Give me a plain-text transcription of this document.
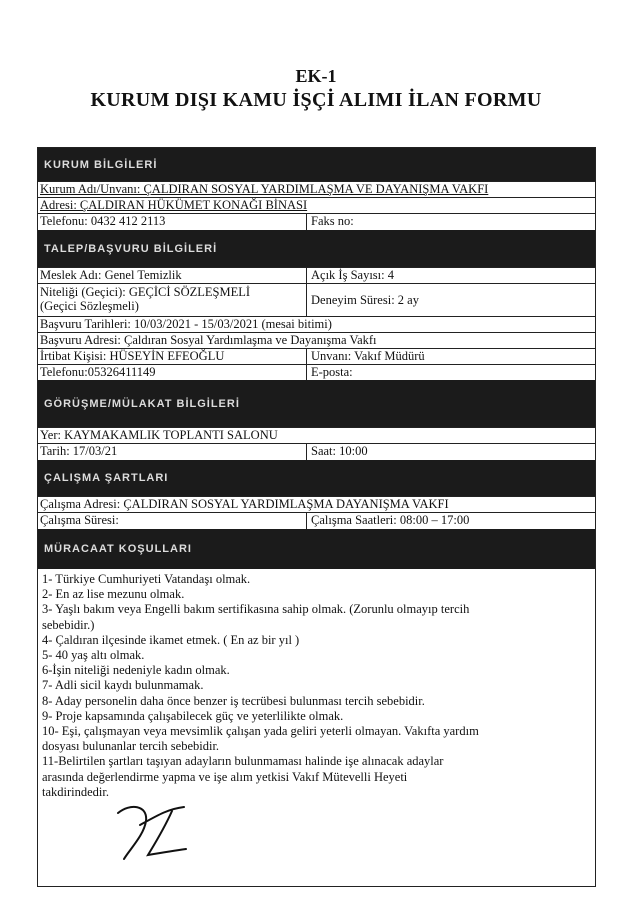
EK-1
KURUM DIŞI KAMU İŞÇİ ALIMI İLAN FORMU
KURUM BİLGİLERİ
Kurum Adı/Unvanı: ÇALDIRAN SOSYAL YARDIMLAŞMA VE DAYANIŞMA VAKFI
Adresi: ÇALDIRAN HÜKÜMET KONAĞI BİNASI
Telefonu: 0432 412 2113	Faks no:
TALEP/BAŞVURU BİLGİLERİ
Meslek Adı: Genel Temizlik	Açık İş Sayısı: 4
Niteliği (Geçici): GEÇİCİ SÖZLEŞMELİ
(Geçici Sözleşmeli)	Deneyim Süresi: 2 ay
Başvuru Tarihleri: 10/03/2021 - 15/03/2021 (mesai bitimi)
Başvuru Adresi: Çaldıran Sosyal Yardımlaşma ve Dayanışma Vakfı
İrtibat Kişisi: HÜSEYİN EFEOĞLU	Unvanı: Vakıf Müdürü
Telefonu:05326411149	E-posta:
GÖRÜŞME/MÜLAKAT BİLGİLERİ
Yer: KAYMAKAMLIK TOPLANTI SALONU
Tarih: 17/03/21	Saat: 10:00
ÇALIŞMA ŞARTLARI
Çalışma Adresi: ÇALDIRAN SOSYAL YARDIMLAŞMA DAYANIŞMA VAKFI
Çalışma Süresi:	Çalışma Saatleri: 08:00 – 17:00
MÜRACAAT KOŞULLARI
1- Türkiye Cumhuriyeti Vatandaşı olmak.
2- En az lise mezunu olmak.
3- Yaşlı bakım veya Engelli bakım sertifikasına sahip olmak. (Zorunlu olmayıp tercih
sebebidir.)
4- Çaldıran ilçesinde ikamet etmek. ( En az bir yıl )
5- 40 yaş altı olmak.
6-İşin niteliği nedeniyle kadın olmak.
7- Adli sicil kaydı bulunmamak.
8- Aday personelin daha önce benzer iş tecrübesi bulunması tercih sebebidir.
9- Proje kapsamında çalışabilecek güç ve yeterlilikte olmak.
10- Eşi, çalışmayan veya mevsimlik çalışan yada geliri yeterli olmayan. Vakıfta yardım
dosyası bulunanlar tercih sebebidir.
11-Belirtilen şartları taşıyan adayların bulunmaması halinde işe alınacak adaylar
arasında değerlendirme yapma ve işe alım yetkisi Vakıf Mütevelli Heyeti
takdirindedir.
